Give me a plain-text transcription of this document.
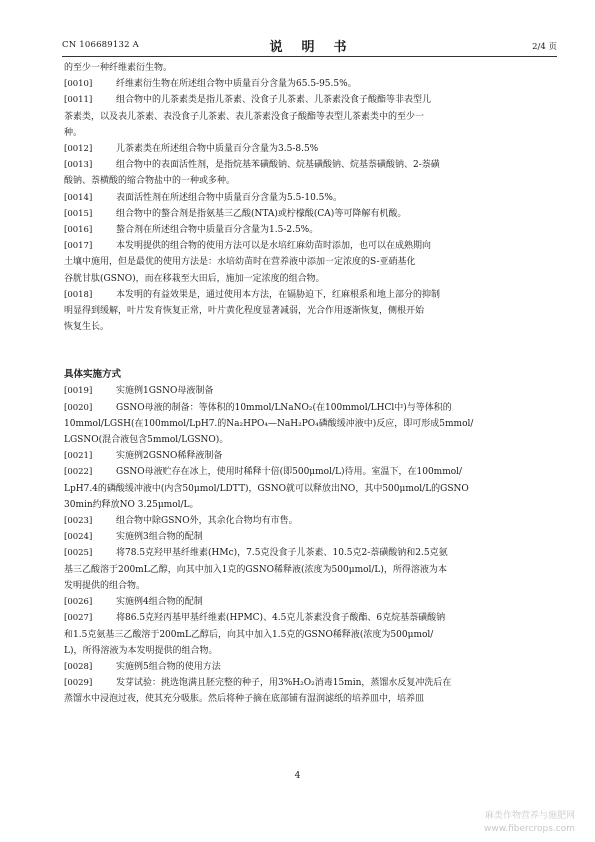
CN 106689132 A	说　明　书	2/4 页
的至少一种纤维素衍生物。
[0010]	纤维素衍生物在所述组合物中质量百分含量为65.5-95.5%。
[0011]	组合物中的儿茶素类是指儿茶素、没食子儿茶素、儿茶素没食子酸酯等非表型儿
茶素类，以及表儿茶素、表没食子儿茶素、表儿茶素没食子酸酯等表型儿茶素类中的至少一
种。
[0012]	儿茶素类在所述组合物中质量百分含量为3.5-8.5%
[0013]	组合物中的表面活性剂，是指烷基苯磺酸钠、烷基磺酸钠、烷基萘磺酸钠、2-萘磺
酸钠、萘横酸的缩合物盐中的一种或多种。
[0014]	表面活性剂在所述组合物中质量百分含量为5.5-10.5%。
[0015]	组合物中的螯合剂是指氨基三乙酸(NTA)或柠檬酸(CA)等可降解有机酸。
[0016]	螯合剂在所述组合物中质量百分含量为1.5-2.5%。
[0017]	本发明提供的组合物的使用方法可以是水培红麻幼苗时添加，也可以在成熟期向
土壤中施用，但是最优的使用方法是：水培幼苗时在营养液中添加一定浓度的S-亚硝基化
谷胱甘肽(GSNO)，而在移栽至大田后，施加一定浓度的组合物。
[0018]	本发明的有益效果是，通过使用本方法，在镉胁迫下，红麻根系和地上部分的抑制
明显得到缓解，叶片发育恢复正常，叶片黄化程度显著减弱，光合作用逐渐恢复，侧根开始
恢复生长。
具体实施方式
[0019]	实施例1GSNO母液制备
[0020]	GSNO母液的制备：等体积的10mmol/LNaNO₂(在100mmol/LHCl中)与等体积的
10mmol/LGSH(在100mmol/LpH7.的Na₂HPO₄—NaH₂PO₄磷酸缓冲液中)反应，即可形成5mmol/
LGSNO(混合液包含5mmol/LGSNO)。
[0021]	实施例2GSNO稀释液制备
[0022]	GSNO母液贮存在冰上，使用时稀释十倍(即500μmol/L)待用。室温下，在100mmol/
LpH7.4的磷酸缓冲液中(内含50μmol/LDTT)，GSNO就可以释放出NO，其中500μmol/L的GSNO
30min约释放NO 3.25μmol/L。
[0023]	组合物中除GSNO外，其余化合物均有市售。
[0024]	实施例3组合物的配制
[0025]	将78.5克羟甲基纤维素(HMc)，7.5克没食子儿茶素、10.5克2-萘磺酸钠和2.5克氨
基三乙酸溶于200mL乙醇，向其中加入1克的GSNO稀释液(浓度为500μmol/L)，所得溶液为本
发明提供的组合物。
[0026]	实施例4组合物的配制
[0027]	将86.5克羟丙基甲基纤维素(HPMC)、4.5克儿茶素没食子酸酯、6克烷基萘磺酸钠
和1.5克氨基三乙酸溶于200mL乙醇后，向其中加入1.5克的GSNO稀释液(浓度为500μmol/
L)，所得溶液为本发明提供的组合物。
[0028]	实施例5组合物的使用方法
[0029]	发芽试验：挑选饱满且胚完整的种子，用3%H₂O₂消毒15min，蒸馏水反复冲洗后在
蒸馏水中浸泡过夜，使其充分吸胀。然后将种子摘在底部铺有湿润滤纸的培养皿中，培养皿
4
麻类作物营养与施肥网
www.fibercrops.com
